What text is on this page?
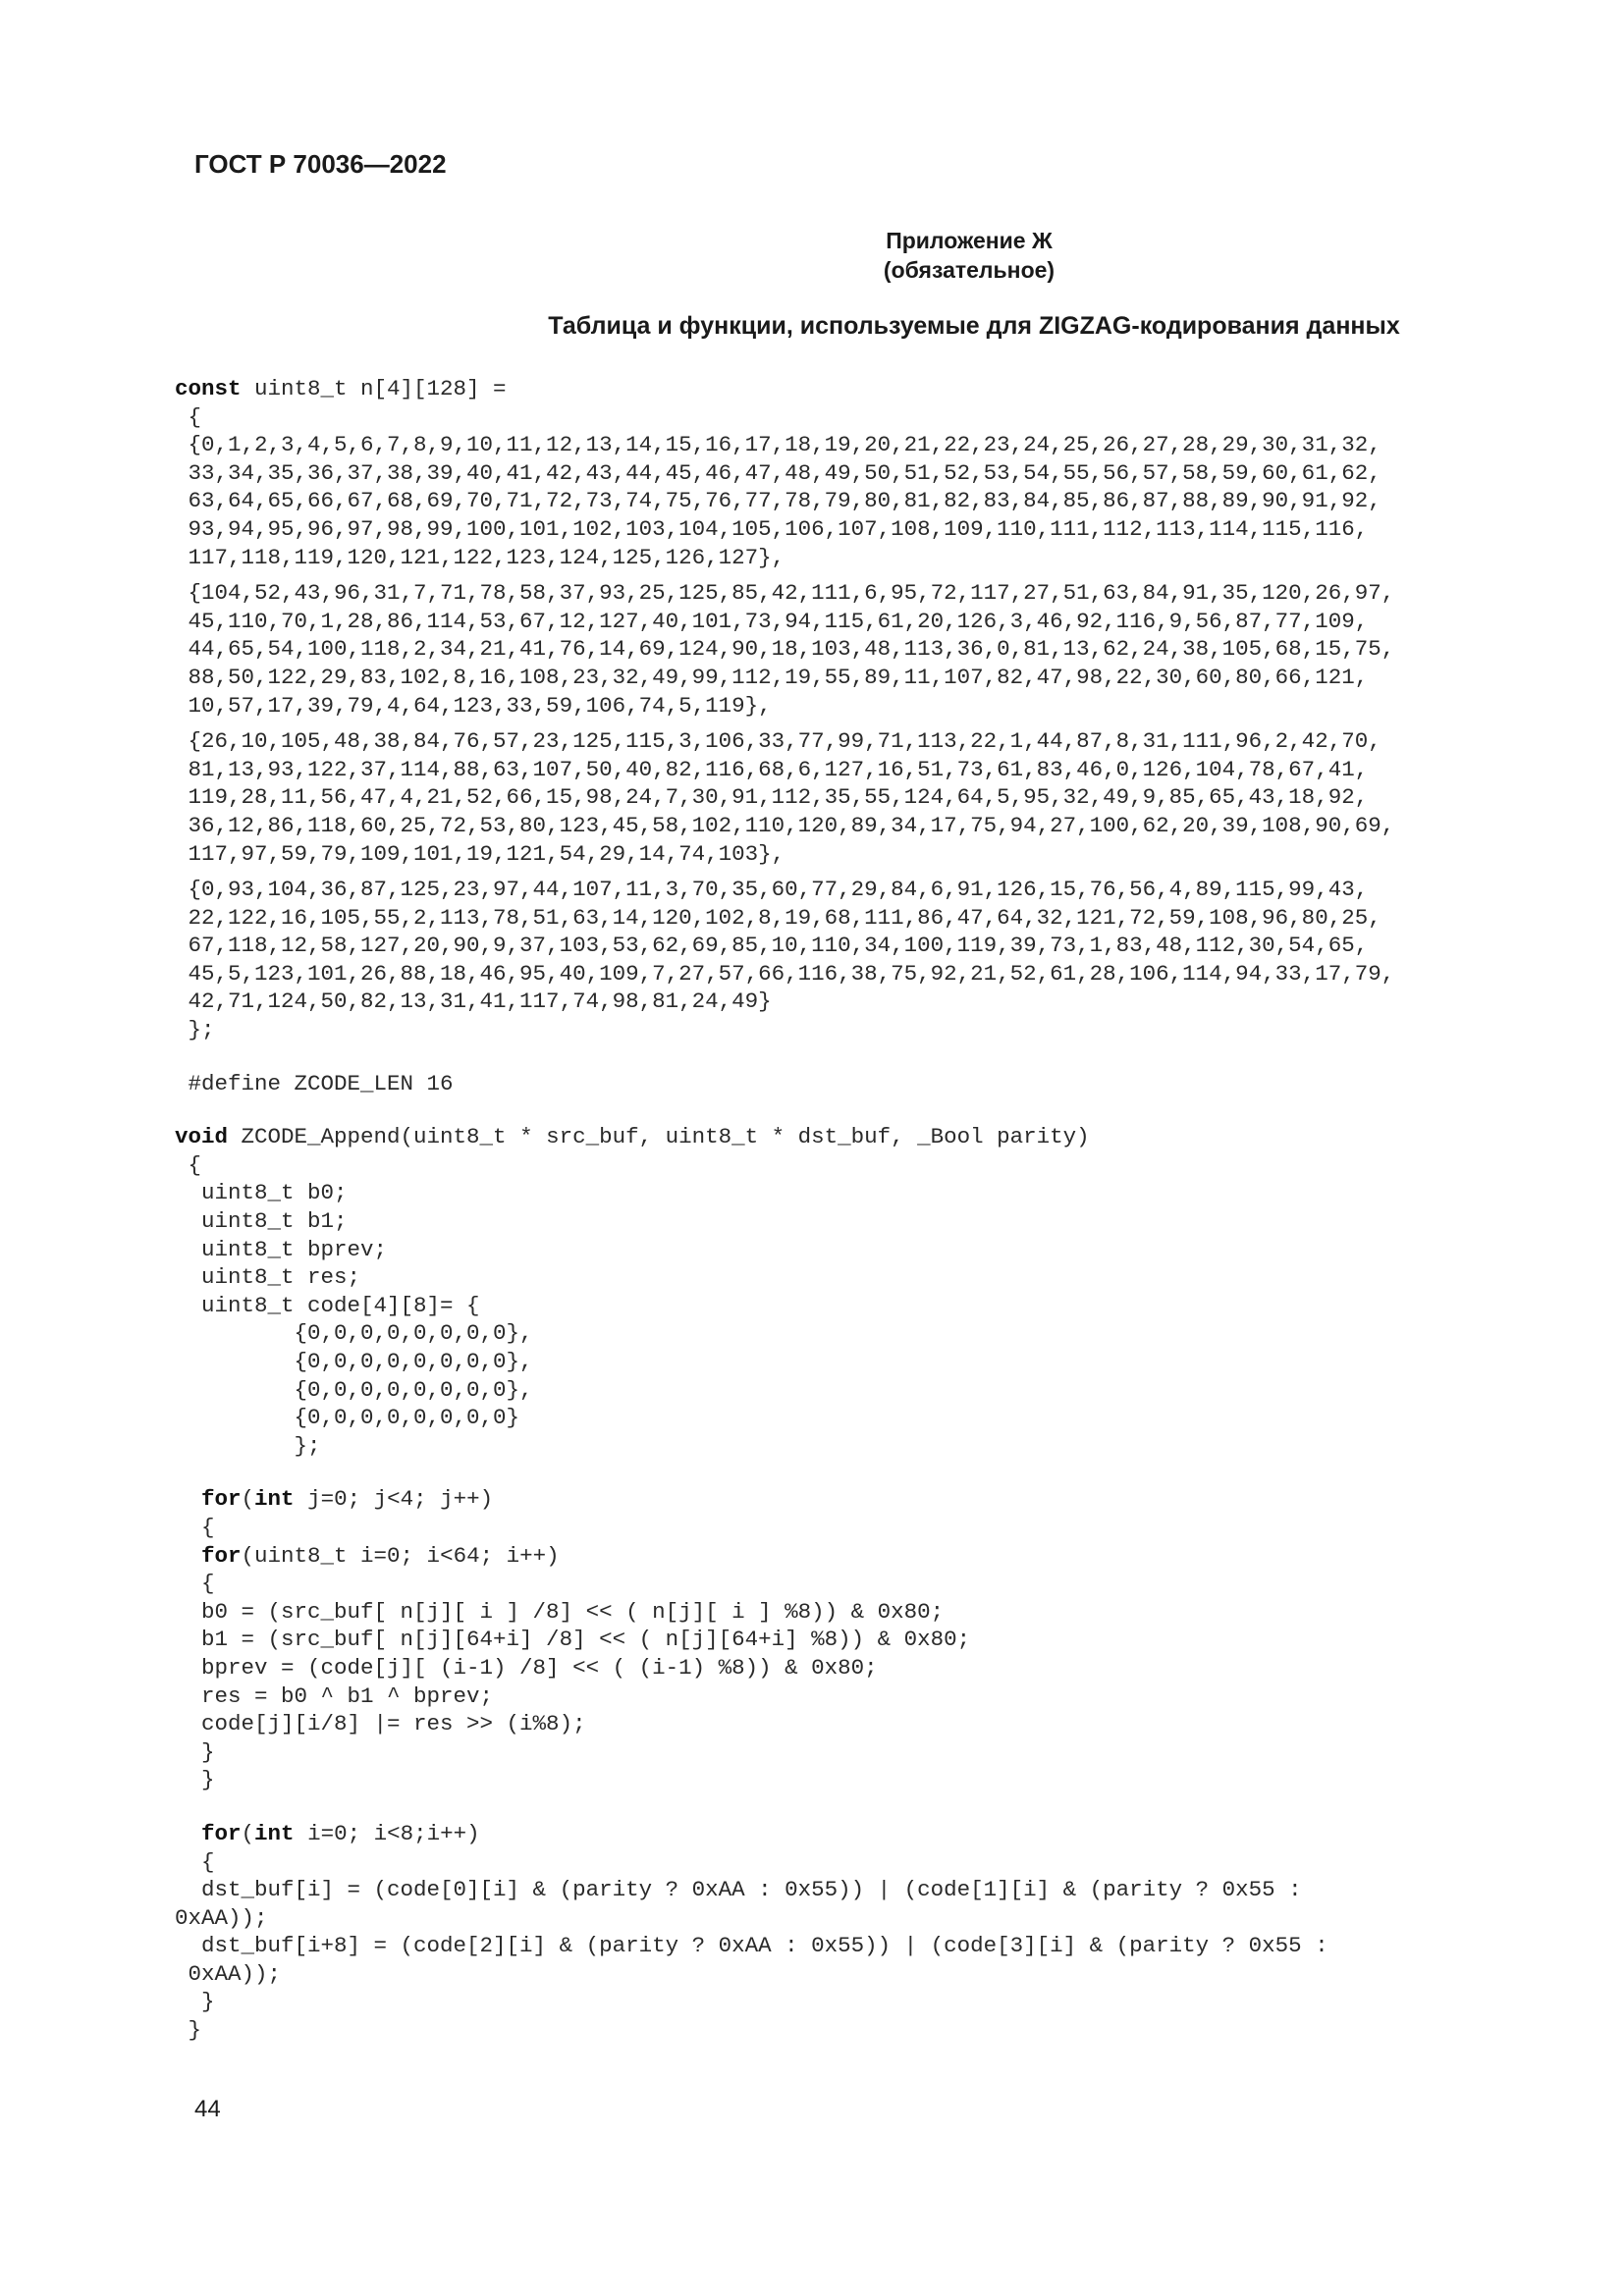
ГОСТ Р 70036—2022
Приложение Ж
(обязательное)
Таблица и функции, используемые для ZIGZAG-кодирования данных
const uint8_t n[4][128] =
{
{0,1,2,3,4,5,6,7,8,9,10,11,12,13,14,15,16,17,18,19,20,21,22,23,24,25,26,27,28,29,30,31,32,
33,34,35,36,37,38,39,40,41,42,43,44,45,46,47,48,49,50,51,52,53,54,55,56,57,58,59,60,61,62,
63,64,65,66,67,68,69,70,71,72,73,74,75,76,77,78,79,80,81,82,83,84,85,86,87,88,89,90,91,92,
93,94,95,96,97,98,99,100,101,102,103,104,105,106,107,108,109,110,111,112,113,114,115,116,
117,118,119,120,121,122,123,124,125,126,127},
{104,52,43,96,31,7,71,78,58,37,93,25,125,85,42,111,6,95,72,117,27,51,63,84,91,35,120,26,97,
45,110,70,1,28,86,114,53,67,12,127,40,101,73,94,115,61,20,126,3,46,92,116,9,56,87,77,109,
44,65,54,100,118,2,34,21,41,76,14,69,124,90,18,103,48,113,36,0,81,13,62,24,38,105,68,15,75,
88,50,122,29,83,102,8,16,108,23,32,49,99,112,19,55,89,11,107,82,47,98,22,30,60,80,66,121,
10,57,17,39,79,4,64,123,33,59,106,74,5,119},
{26,10,105,48,38,84,76,57,23,125,115,3,106,33,77,99,71,113,22,1,44,87,8,31,111,96,2,42,70,
81,13,93,122,37,114,88,63,107,50,40,82,116,68,6,127,16,51,73,61,83,46,0,126,104,78,67,41,
119,28,11,56,47,4,21,52,66,15,98,24,7,30,91,112,35,55,124,64,5,95,32,49,9,85,65,43,18,92,
36,12,86,118,60,25,72,53,80,123,45,58,102,110,120,89,34,17,75,94,27,100,62,20,39,108,90,69,
117,97,59,79,109,101,19,121,54,29,14,74,103},
{0,93,104,36,87,125,23,97,44,107,11,3,70,35,60,77,29,84,6,91,126,15,76,56,4,89,115,99,43,
22,122,16,105,55,2,113,78,51,63,14,120,102,8,19,68,111,86,47,64,32,121,72,59,108,96,80,25,
67,118,12,58,127,20,90,9,37,103,53,62,69,85,10,110,34,100,119,39,73,1,83,48,112,30,54,65,
45,5,123,101,26,88,18,46,95,40,109,7,27,57,66,116,38,75,92,21,52,61,28,106,114,94,33,17,79,
42,71,124,50,82,13,31,41,117,74,98,81,24,49}
};
#define ZCODE_LEN 16
void ZCODE_Append(uint8_t * src_buf, uint8_t * dst_buf, _Bool parity)
{
uint8_t b0;
uint8_t b1;
uint8_t bprev;
uint8_t res;
uint8_t code[4][8]= {
{0,0,0,0,0,0,0,0},
{0,0,0,0,0,0,0,0},
{0,0,0,0,0,0,0,0},
{0,0,0,0,0,0,0,0}
};
for(int j=0; j<4; j++)
{
for(uint8_t i=0; i<64; i++)
{
b0 = (src_buf[ n[j][ i ] /8] << ( n[j][ i ] %8)) & 0x80;
b1 = (src_buf[ n[j][64+i] /8] << ( n[j][64+i] %8)) & 0x80;
bprev = (code[j][ (i-1) /8] << ( (i-1) %8)) & 0x80;
res = b0 ^ b1 ^ bprev;
code[j][i/8] |= res >> (i%8);
}
}
for(int i=0; i<8;i++)
{
dst_buf[i] = (code[0][i] & (parity ? 0xAA : 0x55)) | (code[1][i] & (parity ? 0x55 :
0xAA));
dst_buf[i+8] = (code[2][i] & (parity ? 0xAA : 0x55)) | (code[3][i] & (parity ? 0x55 :
0xAA));
}
}
44
